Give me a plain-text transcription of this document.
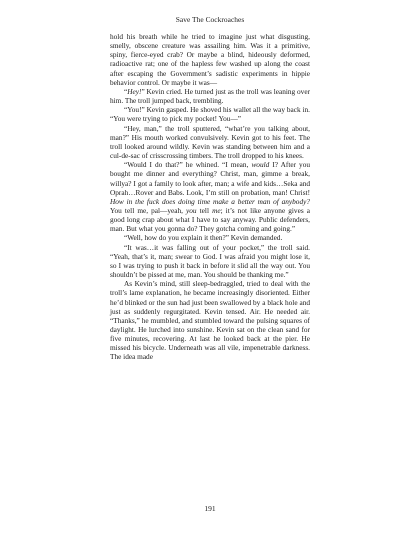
Save The Cockroaches

hold his breath while he tried to imagine just what disgusting, smelly, obscene creature was assailing him. Was it a primitive, spiny, fierce-eyed crab? Or maybe a blind, hideously deformed, radioactive rat; one of the hapless few washed up along the coast after escaping the Government’s sadistic experiments in hippie behavior control. Or maybe it was—

“Hey!” Kevin cried. He turned just as the troll was leaning over him. The troll jumped back, trembling.

“You!” Kevin gasped. He shoved his wallet all the way back in. “You were trying to pick my pocket! You—”

“Hey, man,” the troll sputtered, “what’re you talking about, man?” His mouth worked convulsively. Kevin got to his feet. The troll looked around wildly. Kevin was standing between him and a cul-de-sac of crisscrossing timbers. The troll dropped to his knees.

“Would I do that?” he whined. “I mean, would I? After you bought me dinner and everything? Christ, man, gimme a break, willya? I got a family to look after, man; a wife and kids…Seka and Oprah…Rover and Babs. Look, I’m still on probation, man! Christ! How in the fuck does doing time make a better man of anybody? You tell me, pal—yeah, you tell me; it’s not like anyone gives a good long crap about what I have to say anyway. Public defenders, man. But what you gonna do? They gotcha coming and going.”

“Well, how do you explain it then?” Kevin demanded.

“It was…it was falling out of your pocket,” the troll said. “Yeah, that’s it, man; swear to God. I was afraid you might lose it, so I was trying to push it back in before it slid all the way out. You shouldn’t be pissed at me, man. You should be thanking me.”

As Kevin’s mind, still sleep-bedraggled, tried to deal with the troll’s lame explanation, he became increasingly disoriented. Either he’d blinked or the sun had just been swallowed by a black hole and just as suddenly regurgitated. Kevin tensed. Air. He needed air. “Thanks,” he mumbled, and stumbled toward the pulsing squares of daylight. He lurched into sunshine. Kevin sat on the clean sand for five minutes, recovering. At last he looked back at the pier. He missed his bicycle. Underneath was all vile, impenetrable darkness. The idea made

191
